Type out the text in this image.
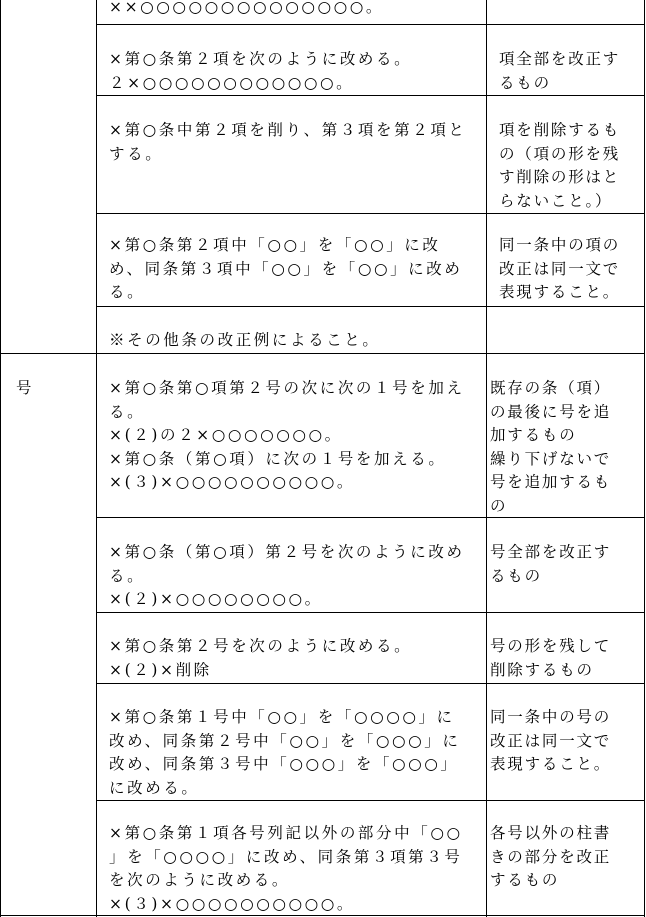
号
××○○○○○○○○○○○○○○。
×第○条第２項を次のように改める。
２×○○○○○○○○○○○○。
項全部を改正す
るもの
×第○条中第２項を削り、第３項を第２項と
する。
項を削除するも
の（項の形を残
す削除の形はと
らないこと。）
×第○条第２項中「○○」を「○○」に改
め、同条第３項中「○○」を「○○」に改め
る。
同一条中の項の
改正は同一文で
表現すること。
※その他条の改正例によること。
×第○条第○項第２号の次に次の１号を加え
る。
×(２)の２×○○○○○○○。
×第○条（第○項）に次の１号を加える。
×(３)×○○○○○○○○○○。
既存の条（項）
の最後に号を追
加するもの
繰り下げないで
号を追加するも
の
×第○条（第○項）第２号を次のように改め
る。
×(２)×○○○○○○○○。
号全部を改正す
るもの
×第○条第２号を次のように改める。
×(２)×削除
号の形を残して
削除するもの
×第○条第１号中「○○」を「○○○○」に
改め、同条第２号中「○○」を「○○○」に
改め、同条第３号中「○○○」を「○○○」
に改める。
同一条中の号の
改正は同一文で
表現すること。
×第○条第１項各号列記以外の部分中「○○
」を「○○○○」に改め、同条第３項第３号
を次のように改める。
×(３)×○○○○○○○○○○。
各号以外の柱書
きの部分を改正
するもの
